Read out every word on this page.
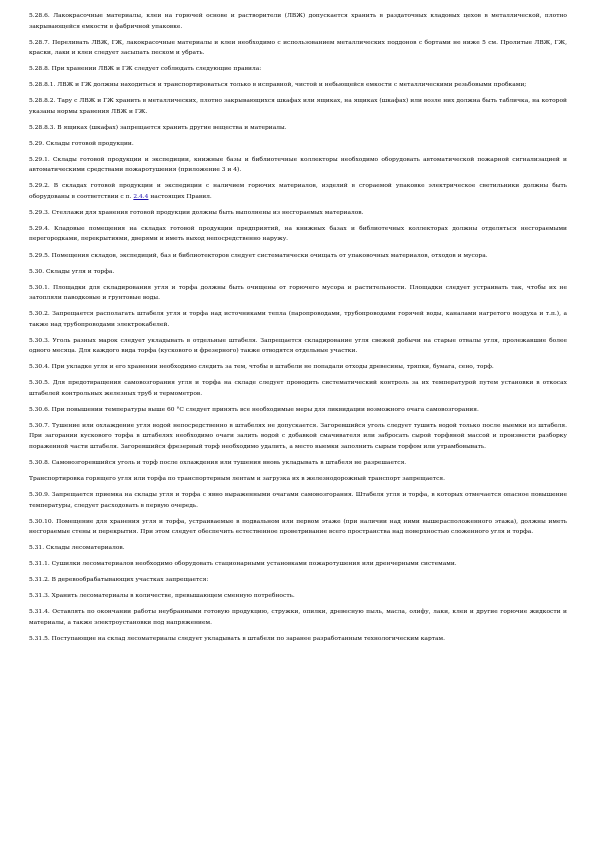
5.28.6. Лакокрасочные материалы, клеи на горючей основе и растворители (ЛВЖ) допускается хранить в раздаточных кладовых цехов в металлической, плотно закрывающейся емкости в фабричной упаковке.

5.28.7. Переливать ЛВЖ, ГЖ, лакокрасочные материалы и клеи необходимо с использованием металлических поддонов с бортами не ниже 5 см. Пролитые ЛВЖ, ГЖ, краски, лаки и клеи следует засыпать песком и убрать.

5.28.8. При хранении ЛВЖ и ГЖ следует соблюдать следующие правила:

5.28.8.1. ЛВЖ и ГЖ должны находиться и транспортироваться только в исправной, чистой и небьющейся емкости с металлическими резьбовыми пробками;

5.28.8.2. Тару с ЛВЖ и ГЖ хранить в металлических, плотно закрывающихся шкафах или ящиках, на ящиках (шкафах) или возле них должна быть табличка, на которой указаны нормы хранения ЛВЖ и ГЖ.

5.28.8.3. В ящиках (шкафах) запрещается хранить другие вещества и материалы.

5.29. Склады готовой продукции.

5.29.1. Склады готовой продукции и экспедиции, книжные базы и библиотечные коллекторы необходимо оборудовать автоматической пожарной сигнализацией и автоматическими средствами пожаротушения (приложение 3 и 4).

5.29.2. В складах готовой продукции и экспедиции с наличием горючих материалов, изделий в сгораемой упаковке электрическое светильники должны быть оборудованы в соответствии с п. 2.4.4 настоящих Правил.

5.29.3. Стеллажи для хранения готовой продукции должны быть выполнены из несгораемых материалов.

5.29.4. Кладовые помещения на складах готовой продукции предприятий, на книжных базах и библиотечных коллекторах должны отделяться несгораемыми перегородками, перекрытиями, дверями и иметь выход непосредственно наружу.

5.29.5. Помещения складов, экспедиций, баз и библиотекторов следует систематически очищать от упаковочных материалов, отходов и мусора.

5.30. Склады угля и торфа.

5.30.1. Площадки для складирования угля и торфа должны быть очищены от горючего мусора и растительности. Площадки следует устраивать так, чтобы их не затопляли паводковые и грунтовые воды.

5.30.2. Запрещается располагать штабеля угля и торфа над источниками тепла (паропроводами, трубопроводами горячей воды, каналами нагретого воздуха и т.п.), а также над трубопроводами электрокабелей.

5.30.3. Уголь разных марок следует укладывать в отдельные штабеля. Запрещается складирование угля свежей добычи на старые отвалы угля, пролежавшие более одного месяца. Для каждого вида торфа (кускового и фрезерного) также отводятся отдельные участки.

5.30.4. При укладке угля и его хранении необходимо следить за тем, чтобы в штабели не попадали отходы древесины, тряпки, бумага, сено, торф.

5.30.5. Для предотвращения самовозгорания угля и торфа на складе следует проводить систематический контроль за их температурой путем установки в откосах штабелей контрольных железных труб и термометров.

5.30.6. При повышении температуры выше 60 °С следует принять все необходимые меры для ликвидации возможного очага самовозгорания.

5.30.7. Тушение или охлаждение угля водой непосредственно в штабелях не допускается. Загоревшийся уголь следует тушить водой только после выемки из штабеля. При загорании кускового торфа в штабелях необходимо очаги залить водой с добавкой смачивателя или забросать сырой торфяной массой и произвести разборку пораженной части штабеля. Загоревшийся фрезерный торф необходимо удалить, а место выемки заполнить сырым торфом или утрамбовывать.

5.30.8. Самовозгоревшийся уголь и торф после охлаждения или тушения вновь укладывать в штабеля не разрешается.

Транспортировка горящего угля или торфа по транспортерным лентам и загрузка их в железнодорожный транспорт запрещается.

5.30.9. Запрещается приемка на склады угля и торфа с явно выраженными очагами самовозгорания. Штабеля угля и торфа, в которых отмечается опасное повышение температуры, следует расходовать в первую очередь.

5.30.10. Помещение для хранения угля и торфа, устраиваемые в подвальном или первом этаже (при наличии над ними вышерасположенного этажа), должны иметь несгораемые стены и перекрытия. При этом следует обеспечить естественное проветривание всего пространства над поверхностью сложенного угля и торфа.

5.31. Склады лесоматериалов.

5.31.1. Сушилки лесоматериалов необходимо оборудовать стационарными установками пожаротушения или дренчерными системами.

5.31.2. В деревообрабатывающих участках запрещается:

5.31.3. Хранить лесоматериалы в количестве, превышающем сменную потребность.

5.31.4. Оставлять по окончании работы неубранными готовую продукцию, стружки, опилки, древесную пыль, масла, олифу, лаки, клеи и другие горючие жидкости и материалы, а также электроустановки под напряжением.

5.31.5. Поступающие на склад лесоматериалы следует укладывать в штабели по заранее разработанным технологическим картам.
